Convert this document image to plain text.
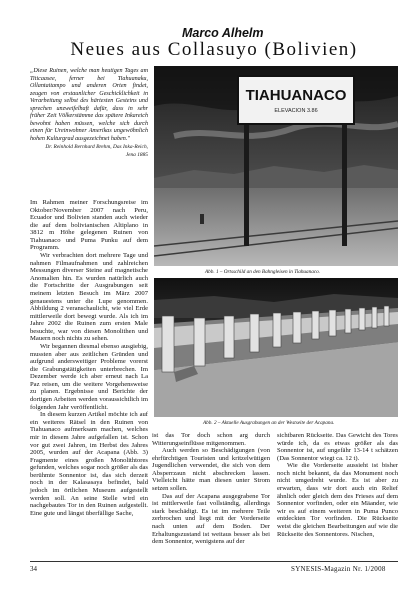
Marco Alhelm
Neues aus Collasuyo (Bolivien)

„Diese Ruinen, welche man heutigen Tages am Titicaasee, ferner bei Tiahuanaku, Ollantaitampo und anderen Orten findet, zeugen von erstaunlicher Geschicklichkeit in Verarbeitung selbst des härtesten Gesteins und sprechen unzweifelhaft dafür, dass in sehr früher Zeit Völkerstämme das spätere Inkareich bewohnt haben müssen, welche sich durch einen für Ureinwohner Amerikas ungewöhnlich hohen Kulturgrad ausgezeichnet haben."

Dr. Reinhold Bernhard Brehm, Das Inka-Reich,

Jena 1885

TIAHUANACO
ELEVACION 3.86
Abb. 1 – Ortsschild an den Bahngleisen in Tiahuanaco.
Abb. 2 – Aktuelle Ausgrabungen an der Westseite der Acapana.

Im Rahmen meiner Forschungsreise im Oktober/November 2007 nach Peru, Ecuador und Bolivien standen auch wieder die auf dem bolivianischen Altiplano in 3812 m Höhe gelegenen Ruinen von Tiahuanaco und Puma Punku auf dem Programm.

Wir verbrachten dort mehrere Tage und nahmen Filmaufnahmen und zahlreichen Messungen diverser Steine auf magnetische Anomalien hin. Es wurden natürlich auch die Fortschritte der Ausgrabungen seit meinem letzten Besuch im März 2007 genauestens unter die Lupe genommen. Abbildung 2 veranschaulicht, wie viel Erde mittlerweile dort bewegt wurde. Als ich im Jahre 2002 die Ruinen zum ersten Male besuchte, war von diesen Monolithen und Mauern noch nichts zu sehen.

Wir begannen diesmal ebenso ausgiebig, mussten aber aus zeitlichen Gründen und aufgrund andersweitiger Probleme vorerst die Grabungstätigkeiten unterbrechen. Im Dezember werde ich aber erneut nach La Paz reisen, um die weitere Vorgehensweise zu planen. Ergebnisse und Berichte der dortigen Arbeiten werden voraussichtlich im folgenden Jahr veröffentlicht.

In diesem kurzen Artikel möchte ich auf ein weiteres Rätsel in den Ruinen von Tiahuanaco aufmerksam machen, welches mir in diesem Jahre aufgefallen ist. Schon vor gut zwei Jahren, im Herbst des Jahres 2005, wurden auf der Acapana (Abb. 3) Fragmente eines großen Monolithtores gefunden, welches sogar noch größer als das berühmte Sonnentor ist, das sich derzeit noch in der Kalasasaya befindet, bald jedoch im örtlichen Museum aufgestellt werden soll. An seine Stelle wird ein nachgebautes Tor in den Ruinen aufgestellt. Eine gute und längst überfällige Sache,

ist das Tor doch schon arg durch Witterungseinflüsse mitgenommen.

Auch werden so Beschädigungen (von ehrfürchtigen Touristen und kritzelwütigen Jugendlichen verwendet, die sich von dem Absperrzaun nicht abschrecken lassen. Vielleicht hätte man diesen unter Strom setzen sollen.

Das auf der Acapana ausgegrabene Tor ist mittlerweile fast vollständig, allerdings stark beschädigt. Es ist im mehrere Teile zerbrochen und liegt mit der Vorderseite nach unten auf dem Boden. Der Erhaltungszustand ist weitaus besser als bei dem Sonnentor, wenigstens auf der

sichtbaren Rückseite. Das Gewicht des Tores würde ich, da es etwas größer als das Sonnentor ist, auf ungefähr 13-14 t schätzen (Das Sonnentor wiegt ca. 12 t).

Wie die Vorderseite aussieht ist bisher noch nicht bekannt, da das Monument noch nicht umgedreht wurde. Es ist aber zu erwarten, dass wir dort auch ein Relief ähnlich oder gleich dem des Frieses auf dem Sonnentor vorfinden, oder ein Mäander, wie wir es auf einem weiteren in Puma Punco entdeckten Tor vorfinden. Die Rückseite weist die gleichen Bearbeitungen auf wie die Rückseite des Sonnentores. Nischen,

34	SYNESIS-Magazin Nr. 1/2008
